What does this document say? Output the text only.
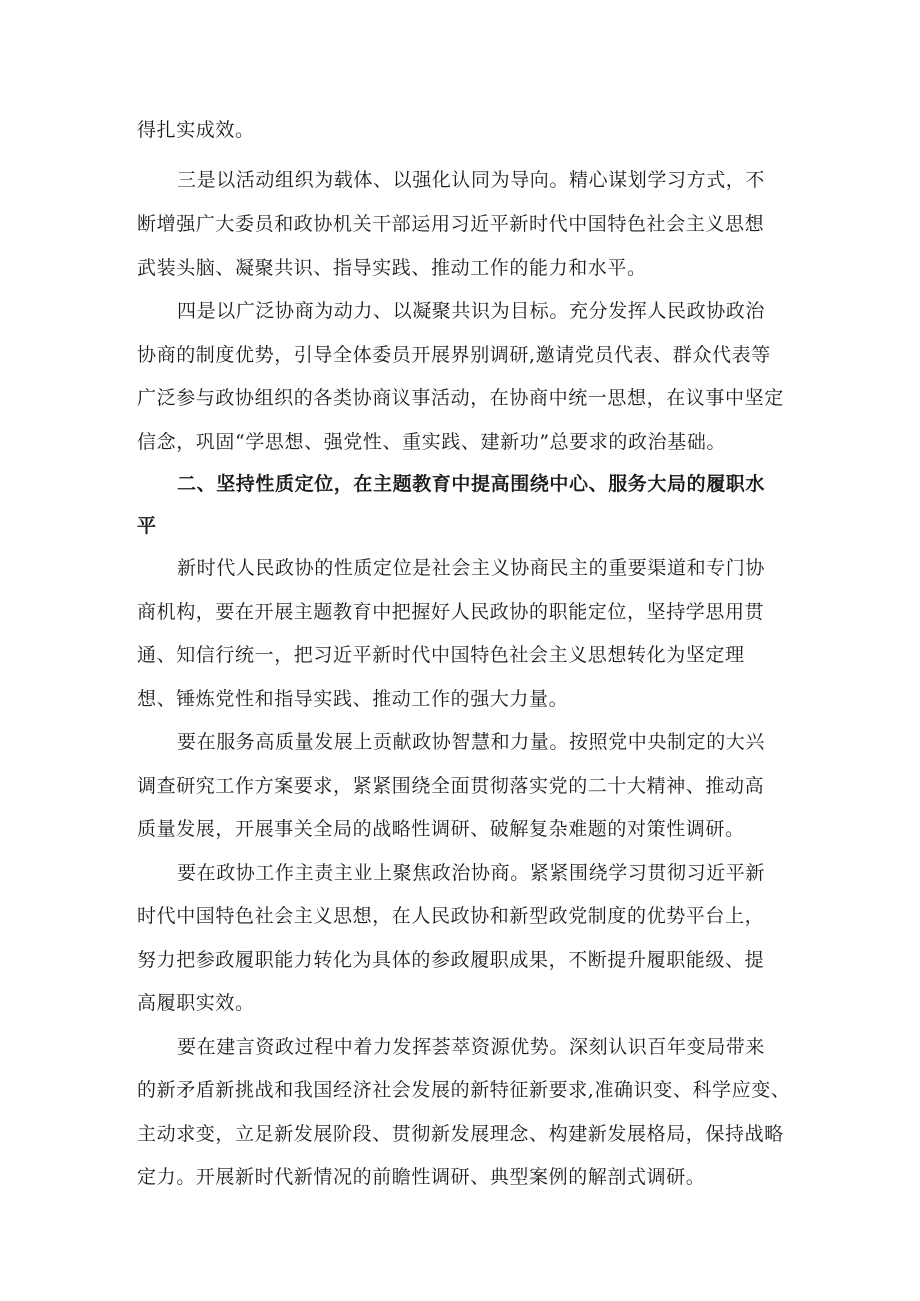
得扎实成效。
三是以活动组织为载体、以强化认同为导向。精心谋划学习方式，不
断增强广大委员和政协机关干部运用习近平新时代中国特色社会主义思想
武装头脑、凝聚共识、指导实践、推动工作的能力和水平。
四是以广泛协商为动力、以凝聚共识为目标。充分发挥人民政协政治
协商的制度优势，引导全体委员开展界别调研,邀请党员代表、群众代表等
广泛参与政协组织的各类协商议事活动，在协商中统一思想，在议事中坚定
信念，巩固“学思想、强党性、重实践、建新功”总要求的政治基础。
二、坚持性质定位，在主题教育中提高围绕中心、服务大局的履职水
平
新时代人民政协的性质定位是社会主义协商民主的重要渠道和专门协
商机构，要在开展主题教育中把握好人民政协的职能定位，坚持学思用贯
通、知信行统一，把习近平新时代中国特色社会主义思想转化为坚定理
想、锤炼党性和指导实践、推动工作的强大力量。
要在服务高质量发展上贡献政协智慧和力量。按照党中央制定的大兴
调查研究工作方案要求，紧紧围绕全面贯彻落实党的二十大精神、推动高
质量发展，开展事关全局的战略性调研、破解复杂难题的对策性调研。
要在政协工作主责主业上聚焦政治协商。紧紧围绕学习贯彻习近平新
时代中国特色社会主义思想，在人民政协和新型政党制度的优势平台上，
努力把参政履职能力转化为具体的参政履职成果，不断提升履职能级、提
高履职实效。
要在建言资政过程中着力发挥荟萃资源优势。深刻认识百年变局带来
的新矛盾新挑战和我国经济社会发展的新特征新要求,准确识变、科学应变、
主动求变，立足新发展阶段、贯彻新发展理念、构建新发展格局，保持战略
定力。开展新时代新情况的前瞻性调研、典型案例的解剖式调研。
